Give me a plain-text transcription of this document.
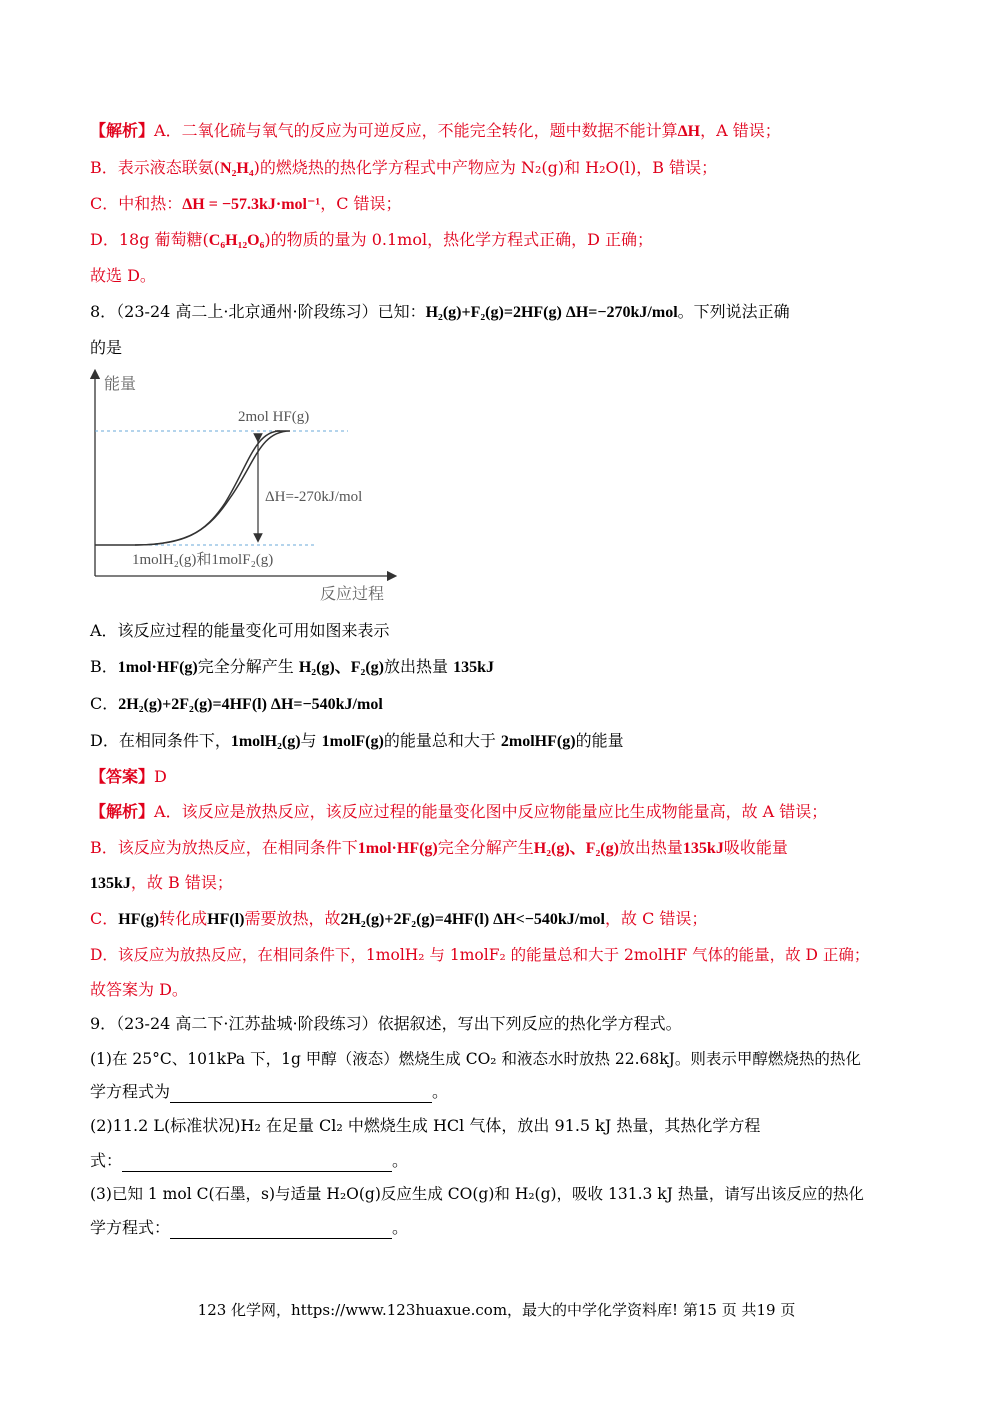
【解析】A．二氧化硫与氧气的反应为可逆反应，不能完全转化，题中数据不能计算ΔH，A 错误；
B．表示液态联氨(N₂H₄)的燃烧热的热化学方程式中产物应为 N₂(g)和 H₂O(l)，B 错误；
C．中和热：ΔH = −57.3kJ·mol⁻¹，C 错误；
D．18g 葡萄糖(C₆H₁₂O₆)的物质的量为 0.1mol，热化学方程式正确，D 正确；
故选 D。
8．（23-24 高二上·北京通州·阶段练习）已知：H₂(g)+F₂(g)=2HF(g) ΔH=−270kJ/mol。下列说法正确
的是
能量
2mol HF(g)
ΔH=-270kJ/mol
1molH₂(g)和1molF₂(g)
反应过程
A．该反应过程的能量变化可用如图来表示
B．1mol·HF(g)完全分解产生 H₂(g)、F₂(g)放出热量 135kJ
C．2H₂(g)+2F₂(g)=4HF(l) ΔH=−540kJ/mol
D．在相同条件下，1molH₂(g)与 1molF(g)的能量总和大于 2molHF(g)的能量
【答案】D
【解析】A．该反应是放热反应，该反应过程的能量变化图中反应物能量应比生成物能量高，故 A 错误；
B．该反应为放热反应，在相同条件下1mol·HF(g)完全分解产生H₂(g)、F₂(g)放出热量135kJ吸收能量
135kJ，故 B 错误；
C．HF(g)转化成HF(l)需要放热，故2H₂(g)+2F₂(g)=4HF(l) ΔH<−540kJ/mol，故 C 错误；
D．该反应为放热反应，在相同条件下，1molH₂ 与 1molF₂ 的能量总和大于 2molHF 气体的能量，故 D 正确；
故答案为 D。
9．（23-24 高二下·江苏盐城·阶段练习）依据叙述，写出下列反应的热化学方程式。
(1)在 25°C、101kPa 下，1g 甲醇（液态）燃烧生成 CO₂ 和液态水时放热 22.68kJ。则表示甲醇燃烧热的热化
学方程式为	。
(2)11.2 L(标准状况)H₂ 在足量 Cl₂ 中燃烧生成 HCl 气体，放出 91.5 kJ 热量，其热化学方程
式：	。
(3)已知 1 mol C(石墨，s)与适量 H₂O(g)反应生成 CO(g)和 H₂(g)，吸收 131.3 kJ 热量，请写出该反应的热化
学方程式：	。
123 化学网，https://www.123huaxue.com，最大的中学化学资料库! 第15 页 共19 页
